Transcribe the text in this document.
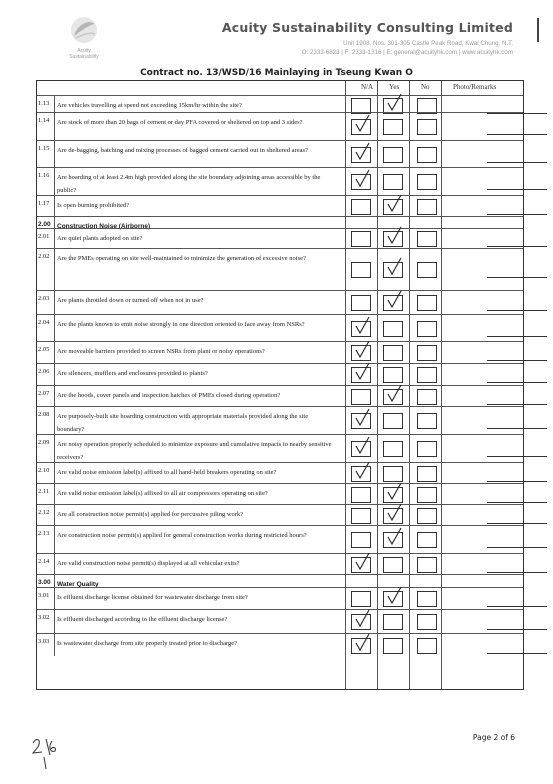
Acuity
Sustainability
Acuity Sustainability Consulting Limited
Unit 1908, Nos. 301-305 Castle Peak Road, Kwai Chung, N.T.
O: 2333-6823 | F: 2333-1316 | E: general@acuityhk.com | www.acuityhk.com
Contract no. 13/WSD/16 Mainlaying in Tseung Kwan O
N/A Yes	No	Photo/Remarks
1.13	Are vehicles travelling at speed not exceeding 15km/hr within the site?
1.14	Are stock of more than 20 bags of cement or day PFA covered or sheltered on top and 3 sides?
1.15	Are de-bagging, batching and mixing processes of bagged cement carried out in sheltered areas?
1.16	Are hoarding of at least 2.4m high provided along the site boundary adjoining areas accessible by the public?
1.17	Is open burning prohibited?
2.00 Construction Noise (Airborne)
2.01	Are quiet plants adopted on site?
2.02	Are the PMEs operating on site well-maintained to minimize the generation of excessive noise?
2.03	Are plants throttled down or turned off when not in use?
2.04	Are the plants known to emit noise strongly in one direction oriented to face away from NSRs?
2.05	Are moveable barriers provided to screen NSRs from plant or noisy operations?
2.06	Are silencers, mufflers and enclosures provided to plants?
2.07	Are the hoods, cover panels and inspection hatches of PMEs closed during operation?
2.08	Are purposely-built site hoarding construction with appropriate materials provided along the site boundary?
2.09	Are noisy operation properly scheduled to minimize exposure and cumulative impacts to nearby sensitive receivers?
2.10	Are valid noise emission label(s) affixed to all hand-held breakers operating on site?
2.11	Are valid noise emission label(s) affixed to all air compressors operating on site?
2.12	Are all construction noise permit(s) applied for percussive piling work?
2.13	Are construction noise permit(s) applied for general construction works during restricted hours?
2.14	Are valid construction noise permit(s) displayed at all vehicular exits?
3.00 Water Quality
3.01	Is effluent discharge license obtained for wastewater discharge from site?
3.02	Is effluent discharged according to the effluent discharge license?
3.03	Is wastewater discharge from site properly treated prior to discharge?
Page 2 of 6
